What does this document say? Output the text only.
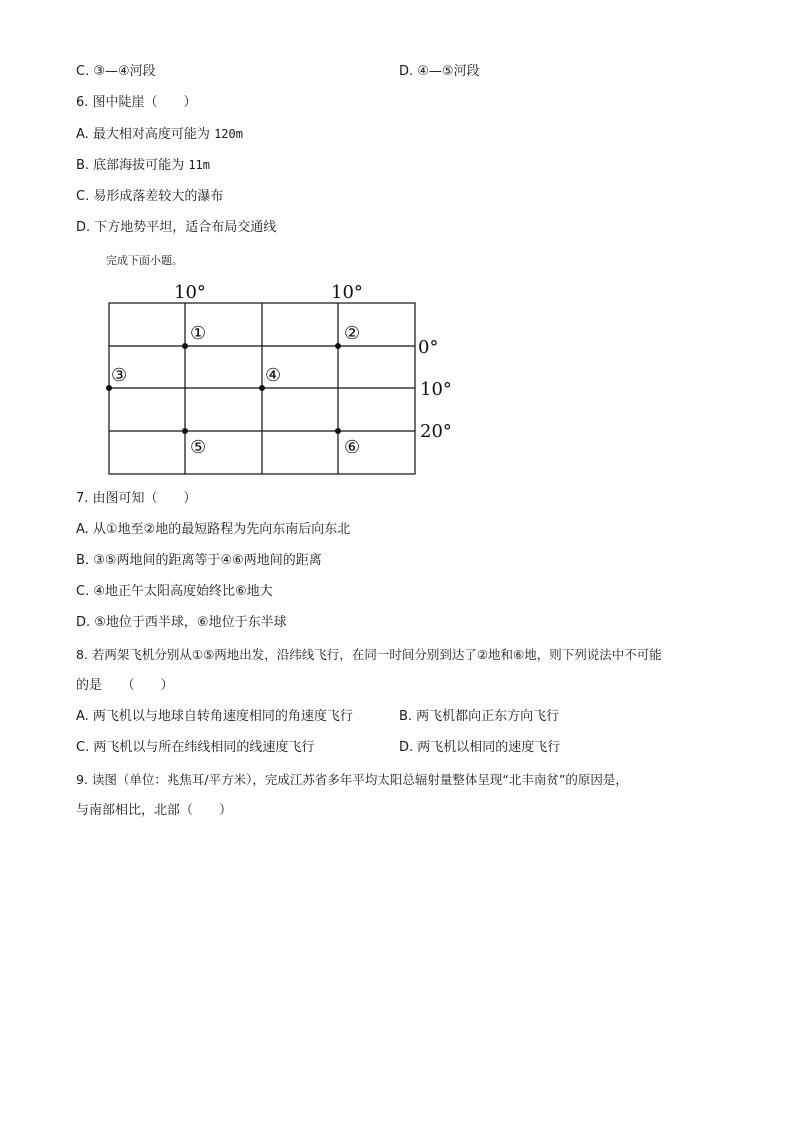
C. ③—④河段	D. ④—⑤河段
6. 图中陡崖（　　）
A. 最大相对高度可能为 120m
B. 底部海拔可能为 11m
C. 易形成落差较大的瀑布
D. 下方地势平坦，适合布局交通线
完成下面小题。
10°	10°
0°
10°
20°
①	②
③	④
⑤	⑥
7. 由图可知（　　）
A. 从①地至②地的最短路程为先向东南后向东北
B. ③⑤两地间的距离等于④⑥两地间的距离
C. ④地正午太阳高度始终比⑥地大
D. ⑤地位于西半球，⑥地位于东半球
8. 若两架飞机分别从①⑤两地出发，沿纬线飞行，在同一时间分别到达了②地和⑥地，则下列说法中不可能
的是　　（　　）
A. 两飞机以与地球自转角速度相同的角速度飞行	B. 两飞机都向正东方向飞行
C. 两飞机以与所在纬线相同的线速度飞行	D. 两飞机以相同的速度飞行
9. 读图（单位：兆焦耳/平方米），完成江苏省多年平均太阳总辐射量整体呈现“北丰南贫”的原因是，
与南部相比，北部（　　）
